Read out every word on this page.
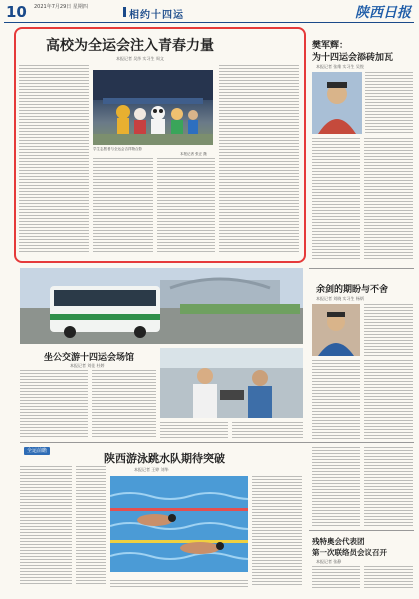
10 2021年7月29日 星期四
相约十四运	陕西日报
高校为全运会注入青春力量
本报记者 吴莎 实习生 周文
学生志愿者与全运会吉祥物合影
本报记者 张正 摄
樊军辉：
为十四运会添砖加瓦
本报记者 张维 实习生 吴悦
坐公交游十四运会场馆
本报记者 刘佳 杜婷
余剑的期盼与不舍
本报记者 刘晓 实习生 杨炳
全运前瞻
陕西游泳跳水队期待突破
本报记者 王婷 刘华
残特奥会代表团
第一次联络员会议召开
本报记者 张静
